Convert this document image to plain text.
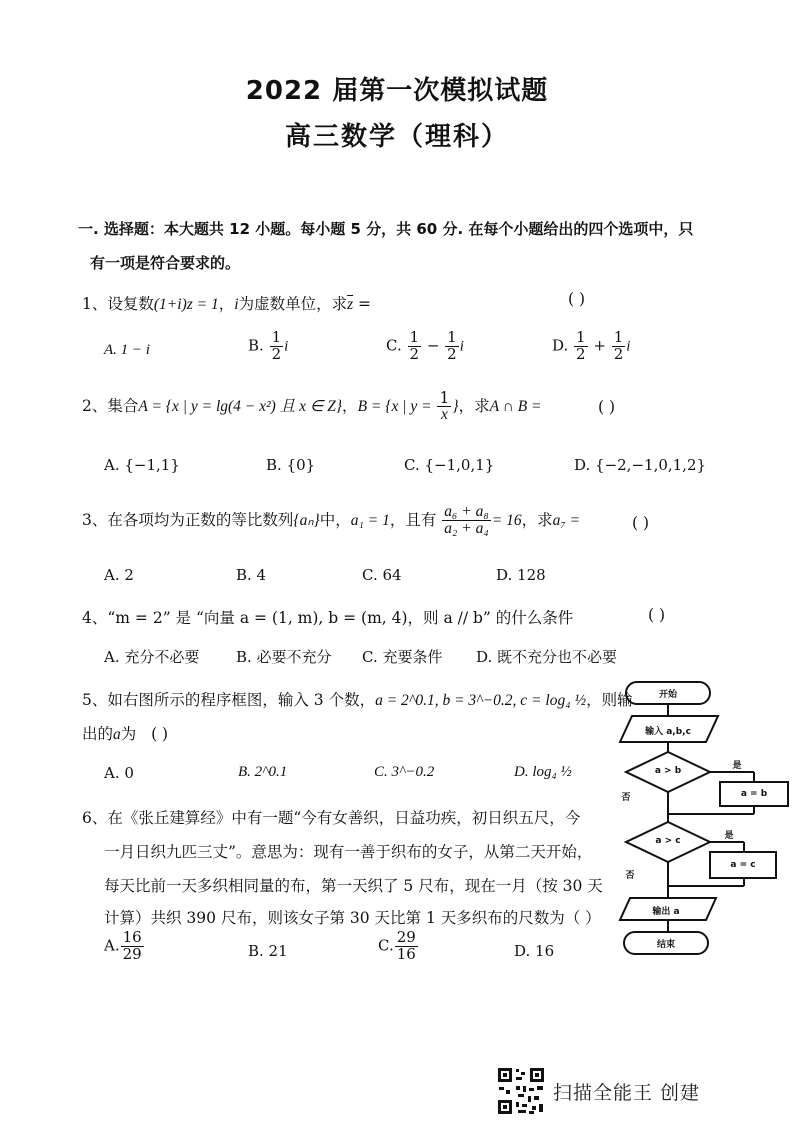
2022 届第一次模拟试题
高三数学（理科）
一. 选择题：本大题共 12 小题。每小题 5 分，共 60 分. 在每个小题给出的四个选项中，只
有一项是符合要求的。
1、设复数(1+i)z = 1，i为虚数单位，求$\overline{z}$ =	( )
A. 1 − i	B. $\frac{1}{2}$ i	C. $\frac{1}{2} - \frac{1}{2}$ i	D. $\frac{1}{2} + \frac{1}{2}$ i
2、集合A = {x | y = lg(4 − x²) 且 x ∈ Z}，B = {x | $y = \frac{1}{x}$ }，求A ∩ B =	( )
A. {−1,1}	B. {0}	C. {−1,0,1}	D. {−2,−1,0,1,2}
3、在各项均为正数的等比数列{aₙ}中，a₁ = 1，且有 $\frac{\text{a₆ + a₈}}{\text{a₂ + a₄}} = 16$，求a₇ =	( )
A. 2	B. 4	C. 64	D. 128
4、“m = 2” 是 “向量 a = (1, m), b = (m, 4)，则 a // b” 的什么条件	( )
A. 充分不必要 B. 必要不充分 C. 充要条件 D. 既不充分也不必要
5、如右图所示的程序框图，输入 3 个数，a = 2^0.1, b = 3^−0.2, c = log₄ ½，则输
出的a为 ( )
A. 0	B. 2^0.1	C. 3^−0.2	D. log₄ ½
6、在《张丘建算经》中有一题“今有女善织，日益功疾，初日织五尺，今
一月日织九匹三丈”。意思为：现有一善于织布的女子，从第二天开始，
每天比前一天多织相同量的布，第一天织了 5 尺布，现在一月（按 30 天
计算）共织 390 尺布，则该女子第 30 天比第 1 天多织布的尺数为（ ）
A. $\frac{16}{29}$	B. 21	C. $\frac{29}{16}$	D. 16
开始
输入 a,b,c
a > b	是
a = b
否
a > c	是
a = c
否
输出 a
结束
扫描全能王 创建
